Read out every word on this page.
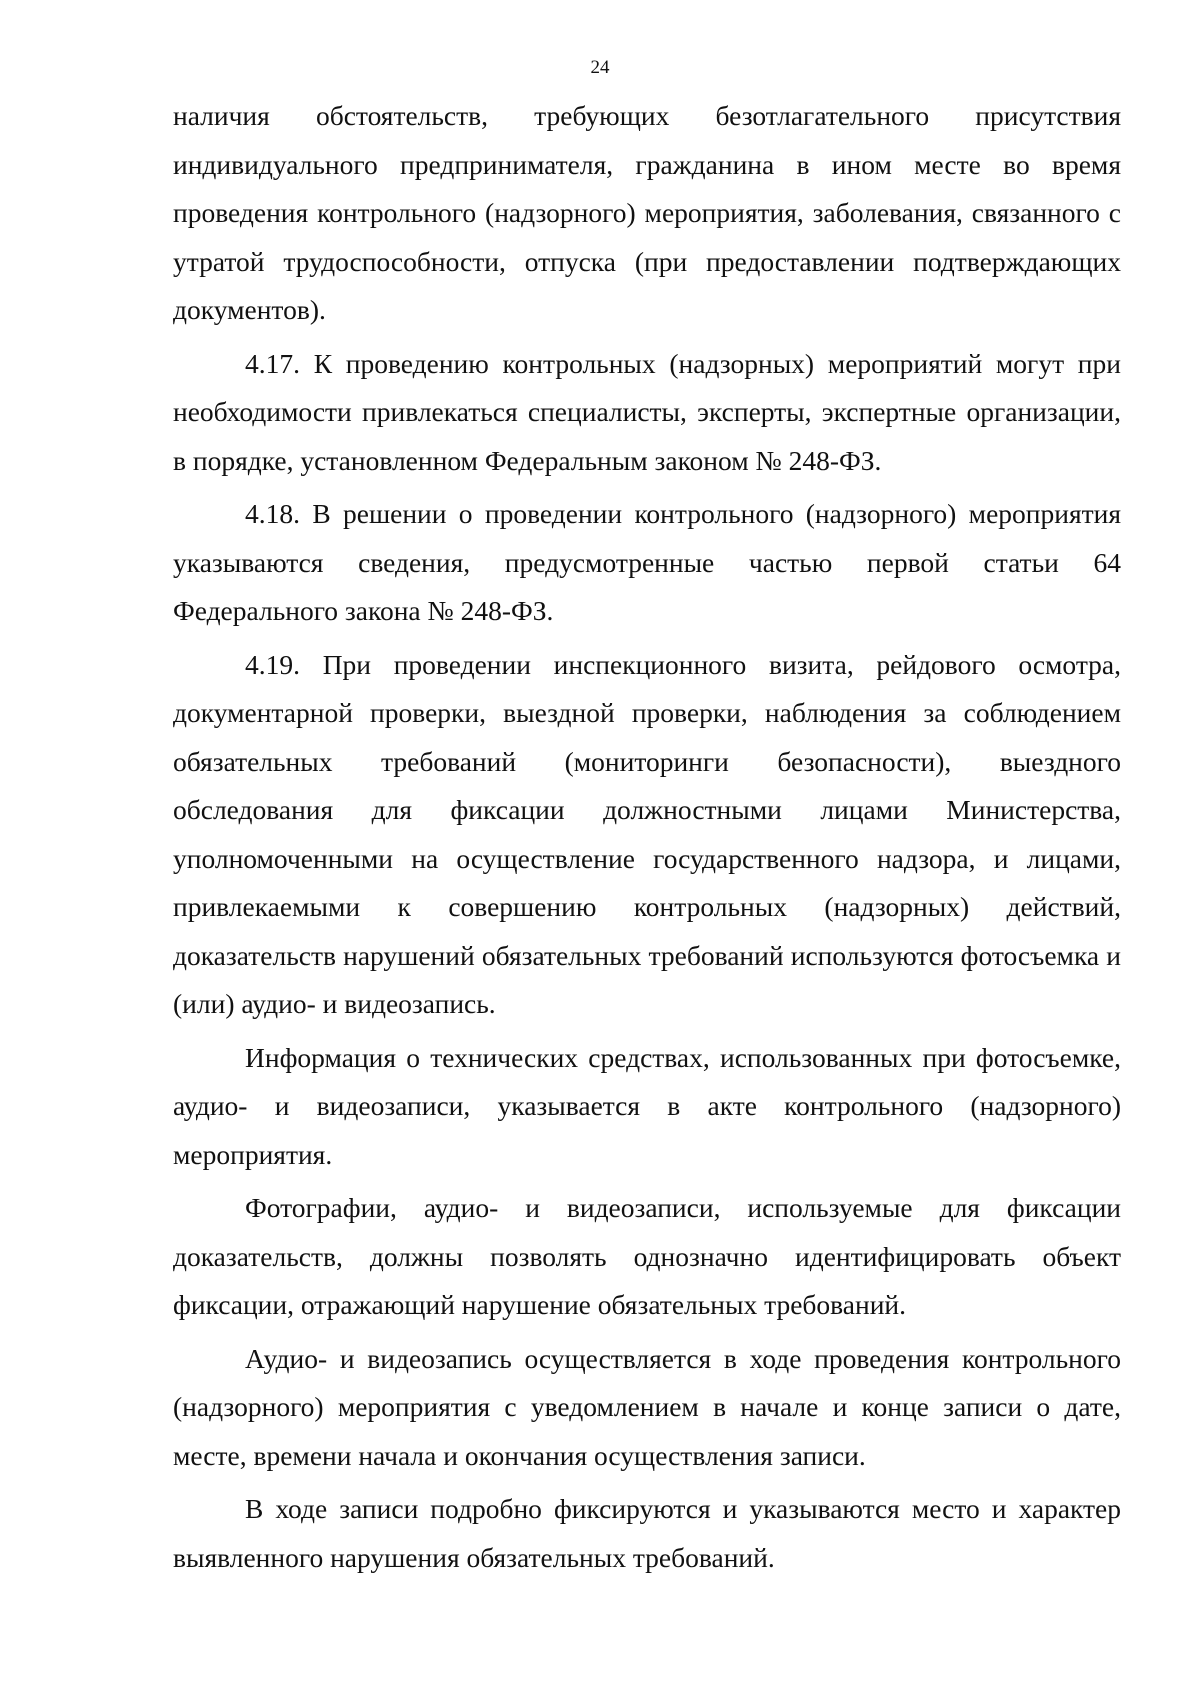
24

наличия обстоятельств, требующих безотлагательного присутствия индивидуального предпринимателя, гражданина в ином месте во время проведения контрольного (надзорного) мероприятия, заболевания, связанного с утратой трудоспособности, отпуска (при предоставлении подтверждающих документов).

4.17. К проведению контрольных (надзорных) мероприятий могут при необходимости привлекаться специалисты, эксперты, экспертные организации, в порядке, установленном Федеральным законом № 248-ФЗ.

4.18. В решении о проведении контрольного (надзорного) мероприятия указываются сведения, предусмотренные частью первой статьи 64 Федерального закона № 248-ФЗ.

4.19. При проведении инспекционного визита, рейдового осмотра, документарной проверки, выездной проверки, наблюдения за соблюдением обязательных требований (мониторинги безопасности), выездного обследования для фиксации должностными лицами Министерства, уполномоченными на осуществление государственного надзора, и лицами, привлекаемыми к совершению контрольных (надзорных) действий, доказательств нарушений обязательных требований используются фотосъемка и (или) аудио- и видеозапись.

Информация о технических средствах, использованных при фотосъемке, аудио- и видеозаписи, указывается в акте контрольного (надзорного) мероприятия.

Фотографии, аудио- и видеозаписи, используемые для фиксации доказательств, должны позволять однозначно идентифицировать объект фиксации, отражающий нарушение обязательных требований.

Аудио- и видеозапись осуществляется в ходе проведения контрольного (надзорного) мероприятия с уведомлением в начале и конце записи о дате, месте, времени начала и окончания осуществления записи.

В ходе записи подробно фиксируются и указываются место и характер выявленного нарушения обязательных требований.
